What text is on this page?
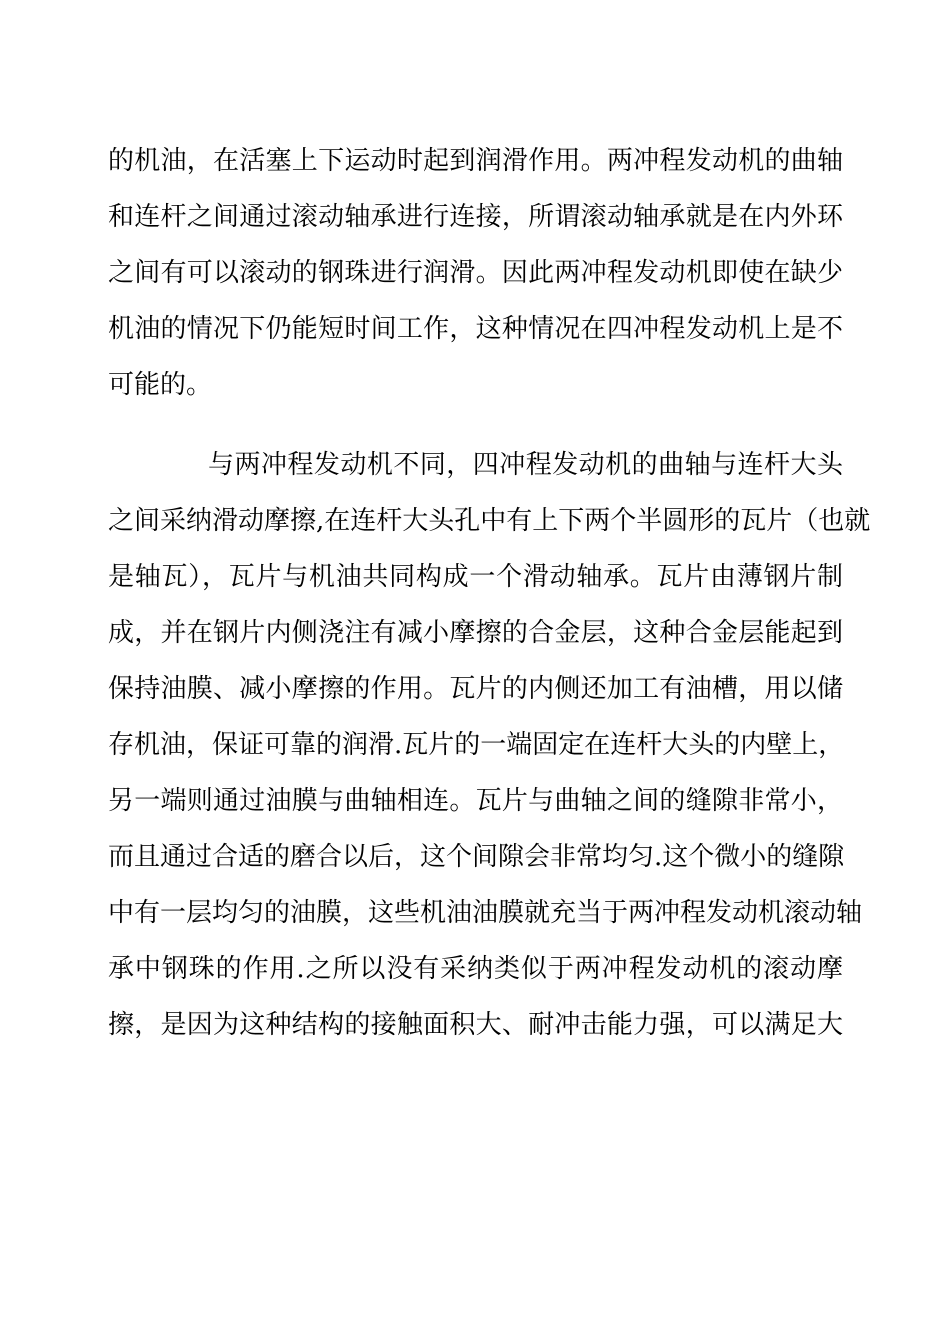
的机油，在活塞上下运动时起到润滑作用。两冲程发动机的曲轴
和连杆之间通过滚动轴承进行连接，所谓滚动轴承就是在内外环
之间有可以滚动的钢珠进行润滑。因此两冲程发动机即使在缺少
机油的情况下仍能短时间工作，这种情况在四冲程发动机上是不
可能的。
与两冲程发动机不同，四冲程发动机的曲轴与连杆大头
之间采纳滑动摩擦,在连杆大头孔中有上下两个半圆形的瓦片（也就
是轴瓦），瓦片与机油共同构成一个滑动轴承。瓦片由薄钢片制
成，并在钢片内侧浇注有减小摩擦的合金层，这种合金层能起到
保持油膜、减小摩擦的作用。瓦片的内侧还加工有油槽，用以储
存机油，保证可靠的润滑.瓦片的一端固定在连杆大头的内壁上，
另一端则通过油膜与曲轴相连。瓦片与曲轴之间的缝隙非常小，
而且通过合适的磨合以后，这个间隙会非常均匀.这个微小的缝隙
中有一层均匀的油膜，这些机油油膜就充当于两冲程发动机滚动轴
承中钢珠的作用.之所以没有采纳类似于两冲程发动机的滚动摩
擦，是因为这种结构的接触面积大、耐冲击能力强，可以满足大
